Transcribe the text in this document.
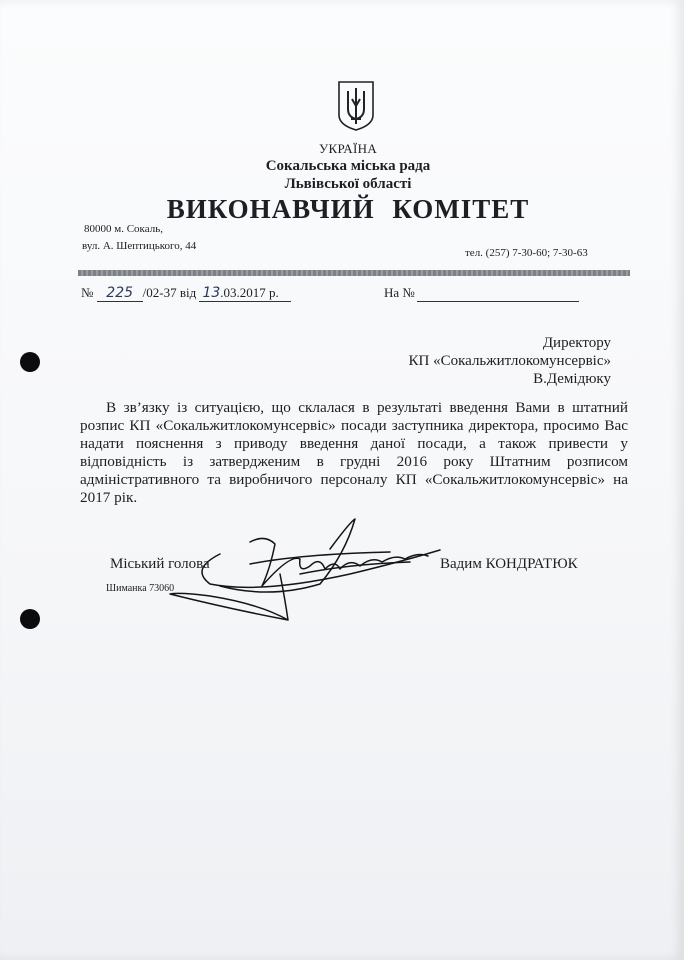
УКРАЇНА
Сокальська міська рада
Львівської області
ВИКОНАВЧИЙ КОМІТЕТ
80000 м. Сокаль,
вул. А. Шептицького, 44
тел. (257) 7-30-60; 7-30-63
№ 225 /02-37 від 13.03.2017 р.	На №
Директору
КП «Сокальжитлокомунсервіс»
В.Демідюку

В зв’язку із ситуацією, що склалася в результаті введення Вами в штатний розпис КП «Сокальжитлокомунсервіс» посади заступника директора, просимо Вас надати пояснення з приводу введення даної посади, а також привести у відповідність із затвердженим в грудні 2016 року Штатним розписом адміністративного та виробничого персоналу КП «Сокальжитлокомунсервіс» на 2017 рік.

Міський голова	Вадим КОНДРАТЮК
Шиманка 73060
